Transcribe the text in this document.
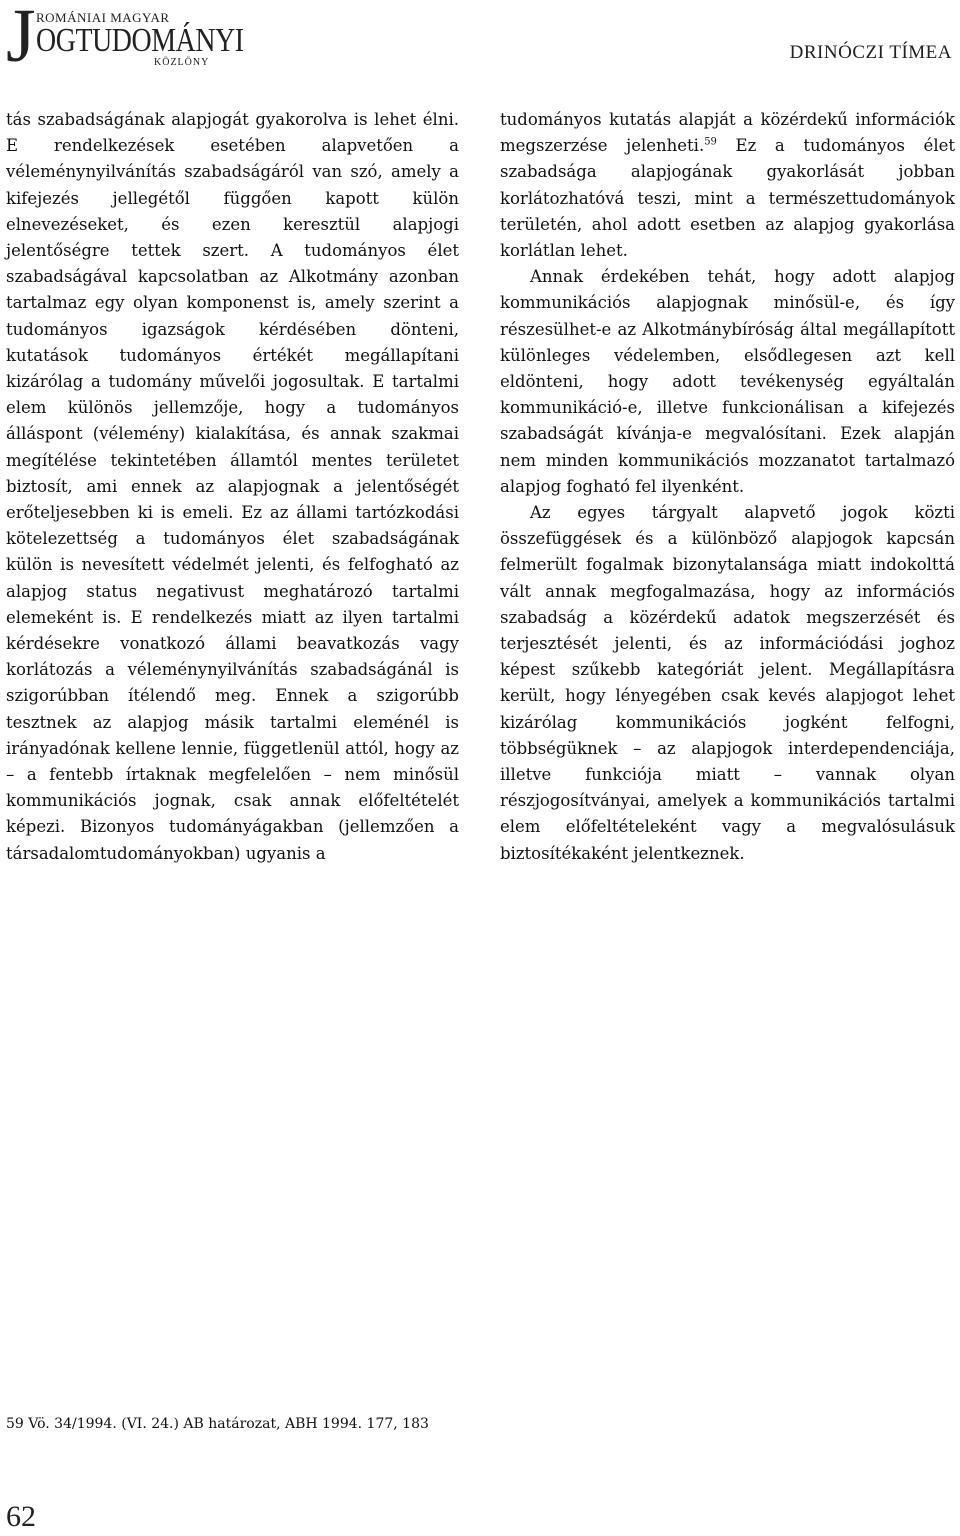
J ROMÁNIAI MAGYAR
OGTUDOMÁNYI
KÖZLÖNY	DRINÓCZI TÍMEA

tás szabadságának alapjogát gyakorolva is lehet élni. E rendelkezések esetében alapvetően a véleménynyilvánítás szabadságáról van szó, amely a kifejezés jellegétől függően kapott külön elnevezéseket, és ezen keresztül alapjogi jelentőségre tettek szert. A tudományos élet szabadságával kapcsolatban az Alkotmány azonban tartalmaz egy olyan komponenst is, amely szerint a tudományos igazságok kérdésében dönteni, kutatások tudományos értékét megállapítani kizárólag a tudomány művelői jogosultak. E tartalmi elem különös jellemzője, hogy a tudományos álláspont (vélemény) kialakítása, és annak szakmai megítélése tekintetében államtól mentes területet biztosít, ami ennek az alapjognak a jelentőségét erőteljesebben ki is emeli. Ez az állami tartózkodási kötelezettség a tudományos élet szabadságának külön is nevesített védelmét jelenti, és felfogható az alapjog status negativust meghatározó tartalmi elemeként is. E rendelkezés miatt az ilyen tartalmi kérdésekre vonatkozó állami beavatkozás vagy korlátozás a véleménynyilvánítás szabadságánál is szigorúbban ítélendő meg. Ennek a szigorúbb tesztnek az alapjog másik tartalmi eleménél is irányadónak kellene lennie, függetlenül attól, hogy az – a fentebb írtaknak megfelelően – nem minősül kommunikációs jognak, csak annak előfeltételét képezi. Bizonyos tudományágakban (jellemzően a társadalomtudományokban) ugyanis a

tudományos kutatás alapját a közérdekű információk megszerzése jelenheti.$^{59}$ Ez a tudományos élet szabadsága alapjogának gyakorlását jobban korlátozhatóvá teszi, mint a természettudományok területén, ahol adott esetben az alapjog gyakorlása korlátlan lehet.

Annak érdekében tehát, hogy adott alapjog kommunikációs alapjognak minősül-e, és így részesülhet-e az Alkotmánybíróság által megállapított különleges védelemben, elsődlegesen azt kell eldönteni, hogy adott tevékenység egyáltalán kommunikáció-e, illetve funkcionálisan a kifejezés szabadságát kívánja-e megvalósítani. Ezek alapján nem minden kommunikációs mozzanatot tartalmazó alapjog fogható fel ilyenként.

Az egyes tárgyalt alapvető jogok közti összefüggések és a különböző alapjogok kapcsán felmerült fogalmak bizonytalansága miatt indokolttá vált annak megfogalmazása, hogy az információs szabadság a közérdekű adatok megszerzését és terjesztését jelenti, és az információdási joghoz képest szűkebb kategóriát jelent. Megállapításra került, hogy lényegében csak kevés alapjogot lehet kizárólag kommunikációs jogként felfogni, többségüknek – az alapjogok interdependenciája, illetve funkciója miatt – vannak olyan részjogosítványai, amelyek a kommunikációs tartalmi elem előfeltételeként vagy a megvalósulásuk biztosítékaként jelentkeznek.

59 Vö. 34/1994. (VI. 24.) AB határozat, ABH 1994. 177, 183
62
